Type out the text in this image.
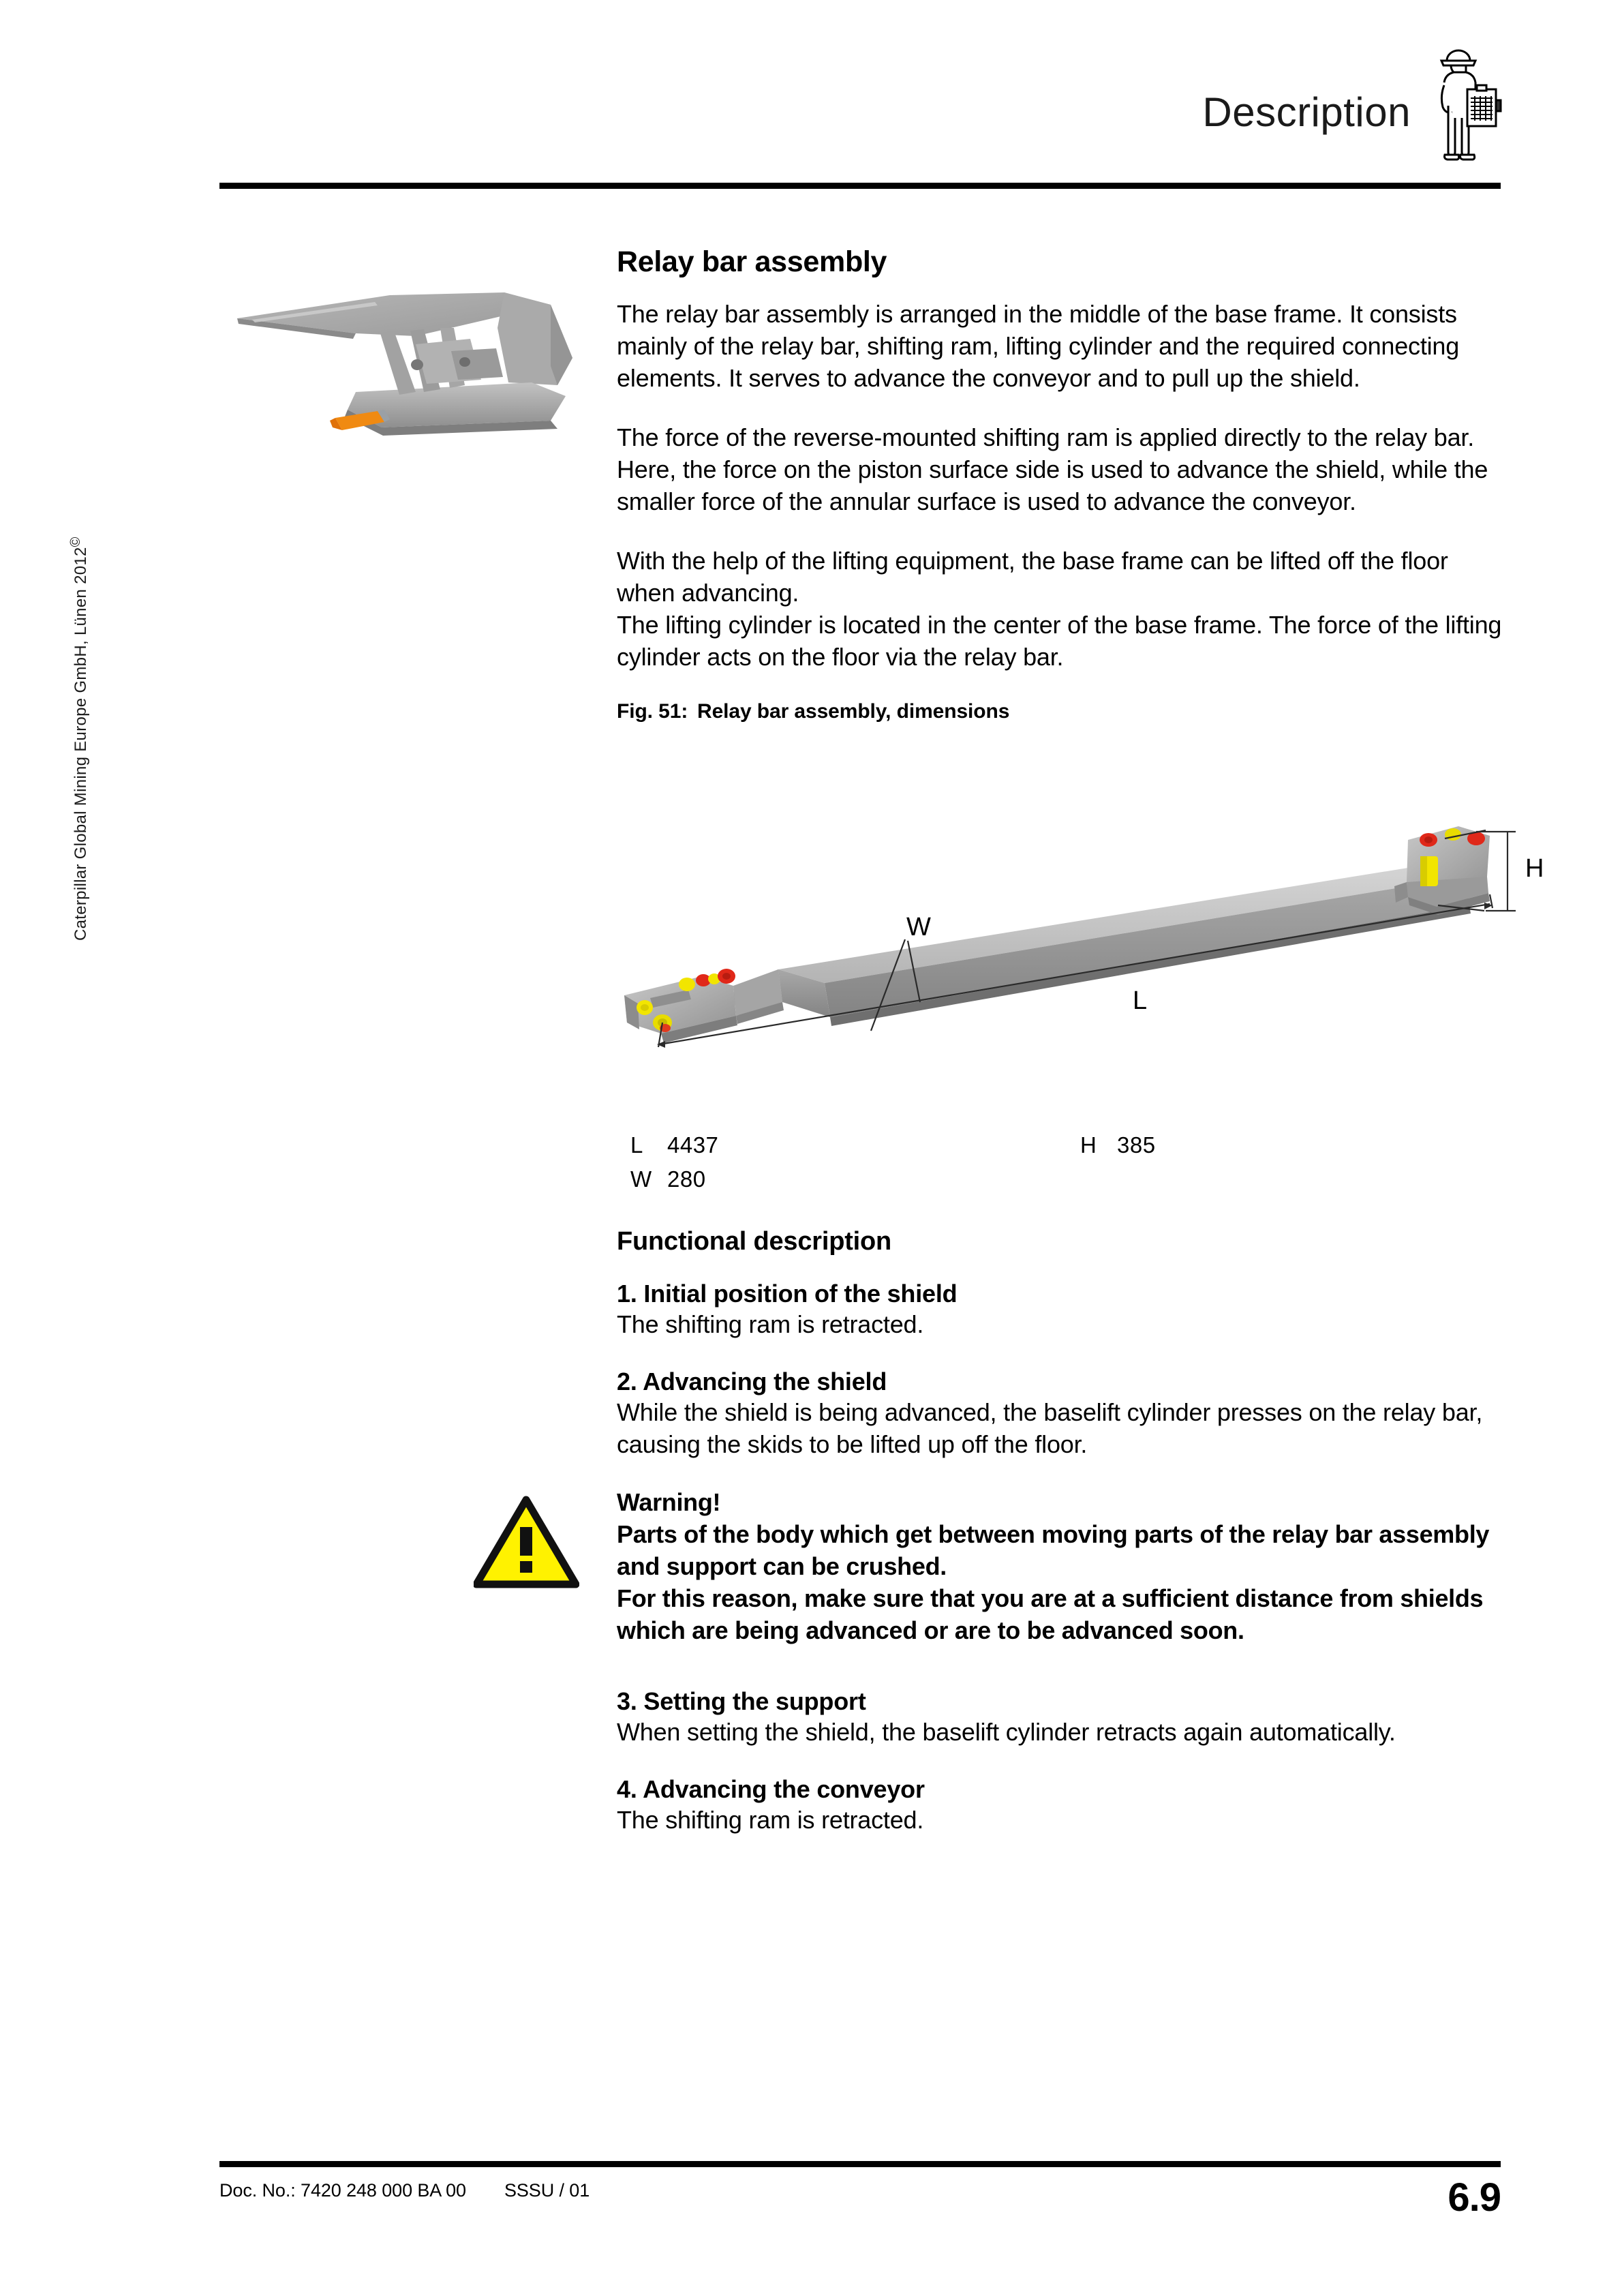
Description
Caterpillar Global Mining Europe GmbH, Lünen 2012©
Relay bar assembly

The relay bar assembly is arranged in the middle of the base frame. It consists mainly of the relay bar, shifting ram, lifting cylinder and the required connecting elements. It serves to advance the conveyor and to pull up the shield.

The force of the reverse-mounted shifting ram is applied directly to the relay bar. Here, the force on the piston surface side is used to advance the shield, while the smaller force of the annular surface is used to advance the conveyor.

With the help of the lifting equipment, the base frame can be lifted off the floor when advancing.

The lifting cylinder is located in the center of the base frame. The force of the lifting cylinder acts on the floor via the relay bar.

Fig. 51: Relay bar assembly, dimensions

H
L
W
L 4437	H 385
W 280
Functional description
1. Initial position of the shield

The shifting ram is retracted.

2. Advancing the shield

While the shield is being advanced, the baselift cylinder presses on the relay bar, causing the skids to be lifted up off the floor.

Warning!
Parts of the body which get between moving parts of the relay bar assembly and support can be crushed.
For this reason, make sure that you are at a sufficient distance from shields which are being advanced or are to be advanced soon.
3. Setting the support

When setting the shield, the baselift cylinder retracts again automatically.

4. Advancing the conveyor

The shifting ram is retracted.

Doc. No.: 7420 248 000 BA 00 SSSU / 01	6.9
